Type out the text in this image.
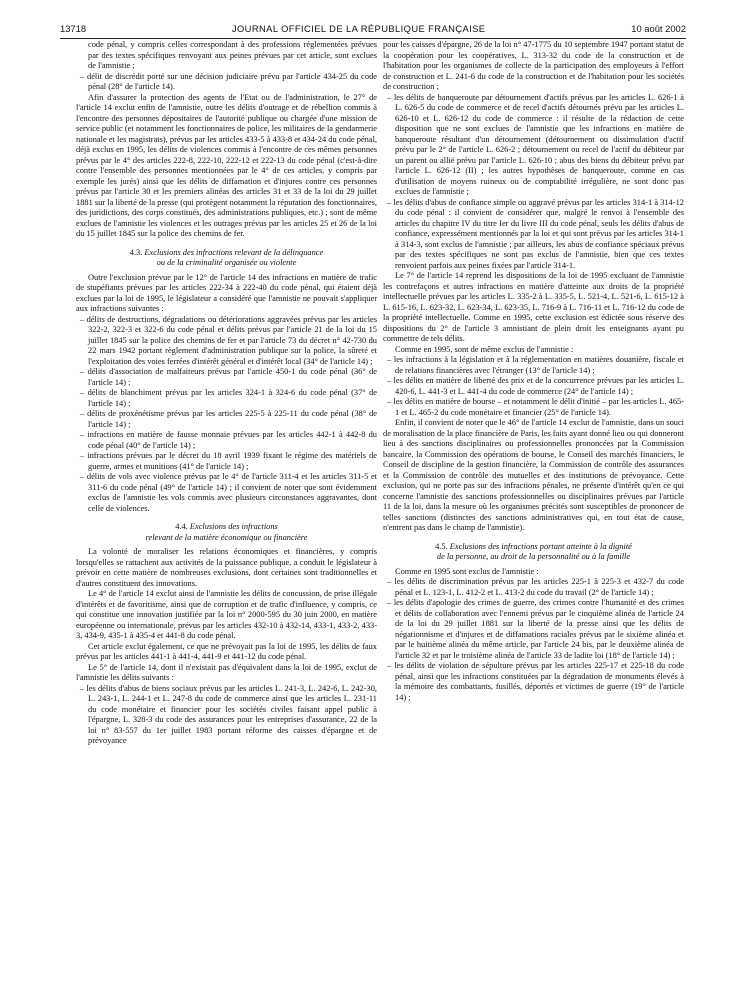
13718	JOURNAL OFFICIEL DE LA RÉPUBLIQUE FRANÇAISE	10 août 2002
code pénal, y compris celles correspondant à des professions réglementées prévues par des textes spécifiques renvoyant aux peines prévues par cet article, sont exclues de l'amnistie ;
– délit de discrédit porté sur une décision judiciaire prévu par l'article 434-25 du code pénal (28° de l'article 14).

Afin d'assurer la protection des agents de l'Etat ou de l'administration, le 27° de l'article 14 exclut enfin de l'amnistie, outre les délits d'outrage et de rébellion commis à l'encontre des personnes dépositaires de l'autorité publique ou chargée d'une mission de service public (et notamment les fonctionnaires de police, les militaires de la gendarmerie nationale et les magistrats), prévus par les articles 433-5 à 433-8 et 434-24 du code pénal, déjà exclus en 1995, les délits de violences commis à l'encontre de ces mêmes personnes prévus par le 4° des articles 222-8, 222-10, 222-12 et 222-13 du code pénal (c'est-à-dire contre l'ensemble des personnes mentionnées par le 4° de ces articles, y compris par exemple les jurés) ainsi que les délits de diffamation et d'injures contre ces personnes prévus par l'article 30 et les premiers alinéas des articles 31 et 33 de la loi du 29 juillet 1881 sur la liberté de la presse (qui protègent notamment la réputation des fonctionnaires, des juridictions, des corps constitués, des administrations publiques, etc.) ; sont de même exclues de l'amnistie les violences et les outrages prévus par les articles 25 et 26 de la loi du 15 juillet 1845 sur la police des chemins de fer.

4.3. Exclusions des infractions relevant de la délinquance
ou de la criminalité organisée ou violente

Outre l'exclusion prévue par le 12° de l'article 14 des infractions en matière de trafic de stupéfiants prévues par les articles 222-34 à 222-40 du code pénal, qui étaient déjà exclues par la loi de 1995, le législateur a considéré que l'amnistie ne pouvait s'appliquer aux infractions suivantes :

– délits de destructions, dégradations ou détériorations aggravées prévus par les articles 322-2, 322-3 et 322-6 du code pénal et délits prévus par l'article 21 de la loi du 15 juillet 1845 sur la police des chemins de fer et par l'article 73 du décret n° 42-730 du 22 mars 1942 portant règlement d'administration publique sur la police, la sûreté et l'exploitation des voies ferrées d'intérêt général et d'intérêt local (34° de l'article 14) ;
– délits d'association de malfaiteurs prévus par l'article 450-1 du code pénal (36° de l'article 14) ;
– délits de blanchiment prévus par les articles 324-1 à 324-6 du code pénal (37° de l'article 14) ;
– délits de proxénétisme prévus par les articles 225-5 à 225-11 du code pénal (38° de l'article 14) ;
– infractions en matière de fausse monnaie prévues par les articles 442-1 à 442-8 du code pénal (40° de l'article 14) ;
– infractions prévues par le décret du 18 avril 1939 fixant le régime des matériels de guerre, armes et munitions (41° de l'article 14) ;
– délits de vols avec violence prévus par le 4° de l'article 311-4 et les articles 311-5 et 311-6 du code pénal (49° de l'article 14) ; il convient de noter que sont évidemment exclus de l'amnistie les vols commis avec plusieurs circonstances aggravantes, dont celle de violences.
4.4. Exclusions des infractions
relevant de la matière économique ou financière

La volonté de moraliser les relations économiques et financières, y compris lorsqu'elles se rattachent aux activités de la puissance publique, a conduit le législateur à prévoir en cette matière de nombreuses exclusions, dont certaines sont traditionnelles et d'autres constituent des innovations.

Le 4° de l'article 14 exclut ainsi de l'amnistie les délits de concussion, de prise illégale d'intérêts et de favoritisme, ainsi que de corruption et de trafic d'influence, y compris, ce qui constitue une innovation justifiée par la loi n° 2000-595 du 30 juin 2000, en matière européenne ou internationale, prévus par les articles 432-10 à 432-14, 433-1, 433-2, 433-3, 434-9, 435-1 à 435-4 et 441-8 du code pénal.

Cet article exclut également, ce que ne prévoyait pas la loi de 1995, les délits de faux prévus par les articles 441-1 à 441-4, 441-9 et 441-12 du code pénal.

Le 5° de l'article 14, dont il n'existait pas d'équivalent dans la loi de 1995, exclut de l'amnistie les délits suivants :

– les délits d'abus de biens sociaux prévus par les articles L. 241-3, L. 242-6, L. 242-30, L. 243-1, L. 244-1 et L. 247-8 du code de commerce ainsi que les articles L. 231-11 du code monétaire et financier pour les sociétés civiles faisant appel public à l'épargne, L. 328-3 du code des assurances pour les entreprises d'assurance, 22 de la loi n° 83-557 du 1er juillet 1983 portant réforme des caisses d'épargne et de prévoyance

pour les caisses d'épargne, 26 de la loi n° 47-1775 du 10 septembre 1947 portant statut de la coopération pour les coopératives, L. 313-32 du code de la construction et de l'habitation pour les organismes de collecte de la participation des employeurs à l'effort de construction et L. 241-6 du code de la construction et de l'habitation pour les sociétés de construction ;

– les délits de banqueroute par détournement d'actifs prévus par les articles L. 626-1 à L. 626-5 du code de commerce et de recel d'actifs détournés prévu par les articles L. 626-10 et L. 626-12 du code de commerce : il résulte de la rédaction de cette disposition que ne sont exclues de l'amnistie que les infractions en matière de banqueroute résultant d'un détournement (détournement ou dissimulation d'actif prévu par le 2° de l'article L. 626-2 ; détournement ou recel de l'actif du débiteur par un parent ou allié prévu par l'article L. 626-10 ; abus des biens du débiteur prévu par l'article L. 626-12 (II) ; les autres hypothèses de banqueroute, comme en cas d'utilisation de moyens ruineux ou de comptabilité irrégulière, ne sont donc pas exclues de l'amnistie ;
– les délits d'abus de confiance simple ou aggravé prévus par les articles 314-1 à 314-12 du code pénal : il convient de considérer que, malgré le renvoi à l'ensemble des articles du chapitre IV du titre Ier du livre III du code pénal, seuls les délits d'abus de confiance, expressément mentionnés par la loi et qui sont prévus par les articles 314-1 à 314-3, sont exclus de l'amnistie ; par ailleurs, les abus de confiance spéciaux prévus par des textes spécifiques ne sont pas exclus de l'amnistie, bien que ces textes renvoient parfois aux peines fixées par l'article 314-1.

Le 7° de l'article 14 reprend les dispositions de la loi de 1995 excluant de l'amnistie les contrefaçons et autres infractions en matière d'atteinte aux droits de la propriété intellectuelle prévues par les articles L. 335-2 à L. 335-5, L. 521-4, L. 521-6, L. 615-12 à L. 615-16, L. 623-32, L. 623-34, L. 623-35, L. 716-9 à L. 716-11 et L. 716-12 du code de la propriété intellectuelle. Comme en 1995, cette exclusion est édictée sous réserve des dispositions du 2° de l'article 3 amnistiant de plein droit les enseignants ayant pu commettre de tels délits.

Comme en 1995, sont de même exclus de l'amnistie :

– les infractions à la législation et à la réglementation en matières douanière, fiscale et de relations financières avec l'étranger (13° de l'article 14) ;
– les délits en matière de liberté des prix et de la concurrence prévues par les articles L. 420-6, L. 441-3 et L. 441-4 du code de commerce (24° de l'article 14) ;
– les délits en matière de bourse – et notamment le délit d'initié – par les articles L. 465-1 et L. 465-2 du code monétaire et financier (25° de l'article 14).

Enfin, il convient de noter que le 46° de l'article 14 exclut de l'amnistie, dans un souci de moralisation de la place financière de Paris, les faits ayant donné lieu ou qui donneront lieu à des sanctions disciplinaires ou professionnelles prononcées par la Commission bancaire, la Commission des opérations de bourse, le Conseil des marchés financiers, le Conseil de discipline de la gestion financière, la Commission de contrôle des assurances et la Commission de contrôle des mutuelles et des institutions de prévoyance. Cette exclusion, qui ne porte pas sur des infractions pénales, ne présente d'intérêt qu'en ce qui concerne l'amnistie des sanctions professionnelles ou disciplinaires prévues par l'article 11 de la loi, dans la mesure où les organismes précités sont susceptibles de prononcer de telles sanctions (distinctes des sanctions administratives qui, en tout état de cause, n'entrent pas dans le champ de l'amnistie).

4.5. Exclusions des infractions portant atteinte à la dignité
de la personne, au droit de la personnalité ou à la famille

Comme en 1995 sont exclus de l'amnistie :

– les délits de discrimination prévus par les articles 225-1 à 225-3 et 432-7 du code pénal et L. 123-1, L. 412-2 et L. 413-2 du code du travail (2° de l'article 14) ;
– les délits d'apologie des crimes de guerre, des crimes contre l'humanité et des crimes et délits de collaboration avec l'ennemi prévus par le cinquième alinéa de l'article 24 de la loi du 29 juillet 1881 sur la liberté de la presse ainsi que les délits de négationnisme et d'injures et de diffamations raciales prévus par le sixième alinéa et par le huitième alinéa du même article, par l'article 24 bis, par le deuxième alinéa de l'article 32 et par le troisième alinéa de l'article 33 de ladite loi (18° de l'article 14) ;
– les délits de violation de sépulture prévus par les articles 225-17 et 225-18 du code pénal, ainsi que les infractions constituées par la dégradation de monuments élevés à la mémoire des combattants, fusillés, déportés et victimes de guerre (19° de l'article 14) ;
